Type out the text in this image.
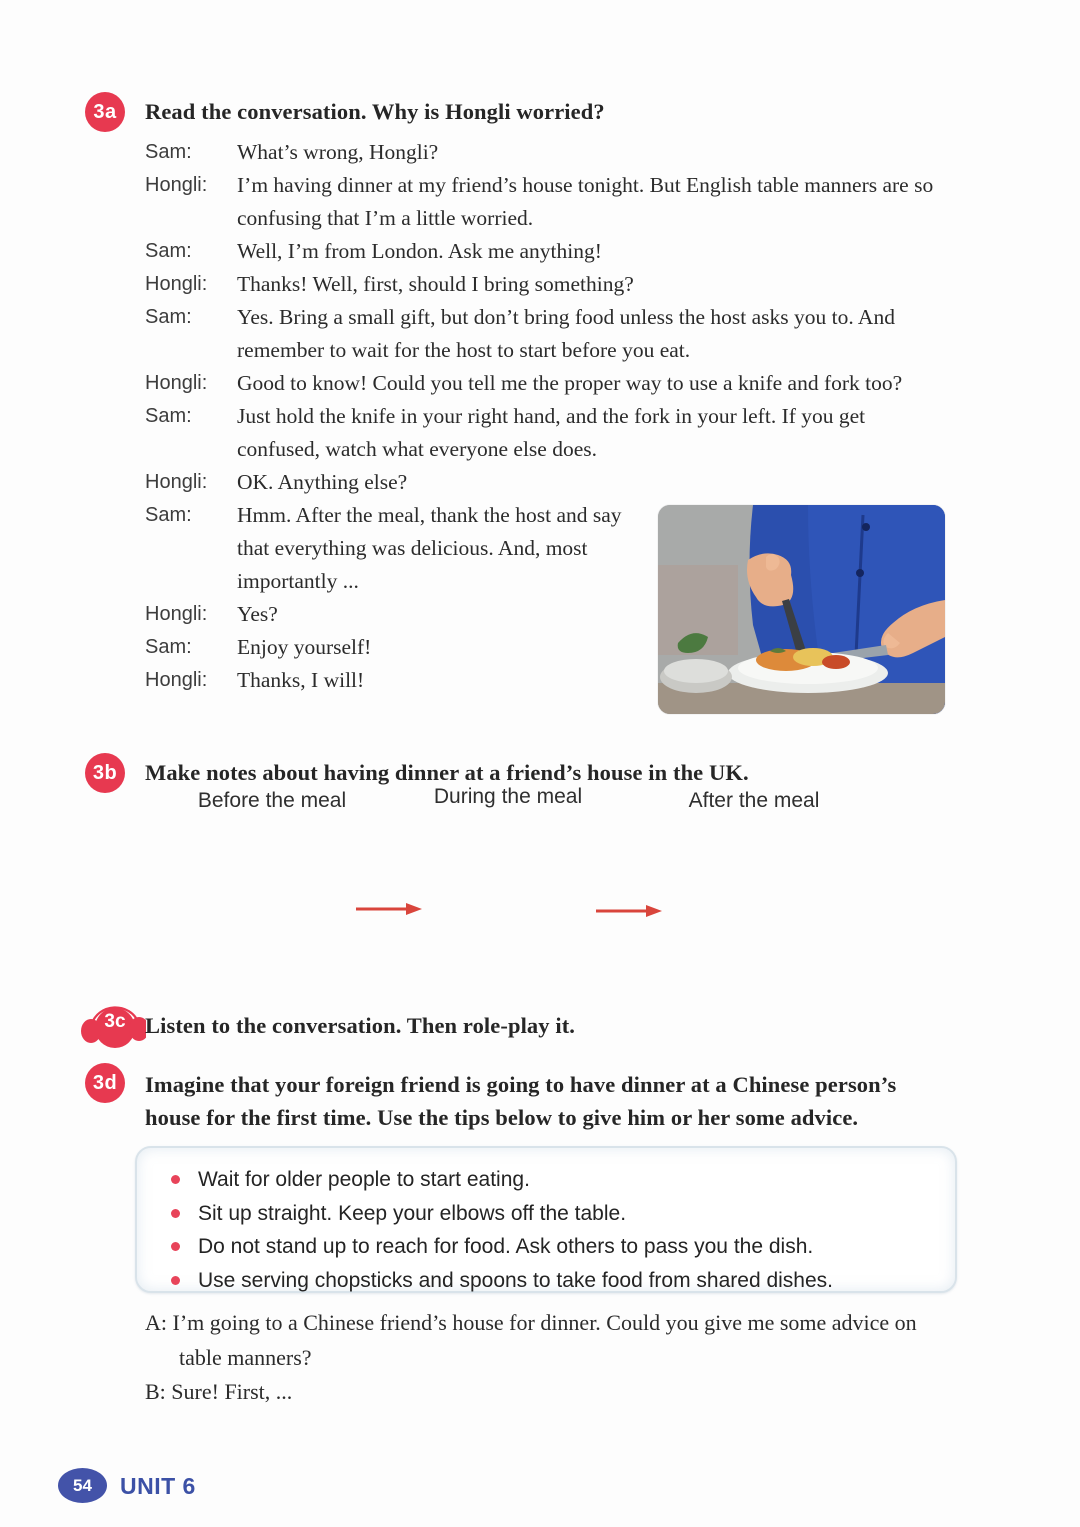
3a	Read the conversation. Why is Hongli worried?
Sam:	What’s wrong, Hongli?
Hongli:	I’m having dinner at my friend’s house tonight. But English table manners are so confusing that I’m a little worried.
Sam:	Well, I’m from London. Ask me anything!
Hongli:	Thanks! Well, first, should I bring something?
Sam:	Yes. Bring a small gift, but don’t bring food unless the host asks you to. And remember to wait for the host to start before you eat.
Hongli:	Good to know! Could you tell me the proper way to use a knife and fork too?
Sam:	Just hold the knife in your right hand, and the fork in your left. If you get confused, watch what everyone else does.
Hongli:	OK. Anything else?
Sam:	Hmm. After the meal, thank the host and say that everything was delicious. And, most importantly ...
Hongli:	Yes?
Sam:	Enjoy yourself!
Hongli:	Thanks, I will!
3b	Make notes about having dinner at a friend’s house in the UK.
Before the meal	During the meal	After the meal
3c Listen to the conversation. Then role-play it.
3d	Imagine that your foreign friend is going to have dinner at a Chinese person’s house for the first time. Use the tips below to give him or her some advice.
Wait for older people to start eating.
Sit up straight. Keep your elbows off the table.
Do not stand up to reach for food. Ask others to pass you the dish.
Use serving chopsticks and spoons to take food from shared dishes.
A: I’m going to a Chinese friend’s house for dinner. Could you give me some advice on table manners?
B: Sure! First, ...
54	UNIT 6
